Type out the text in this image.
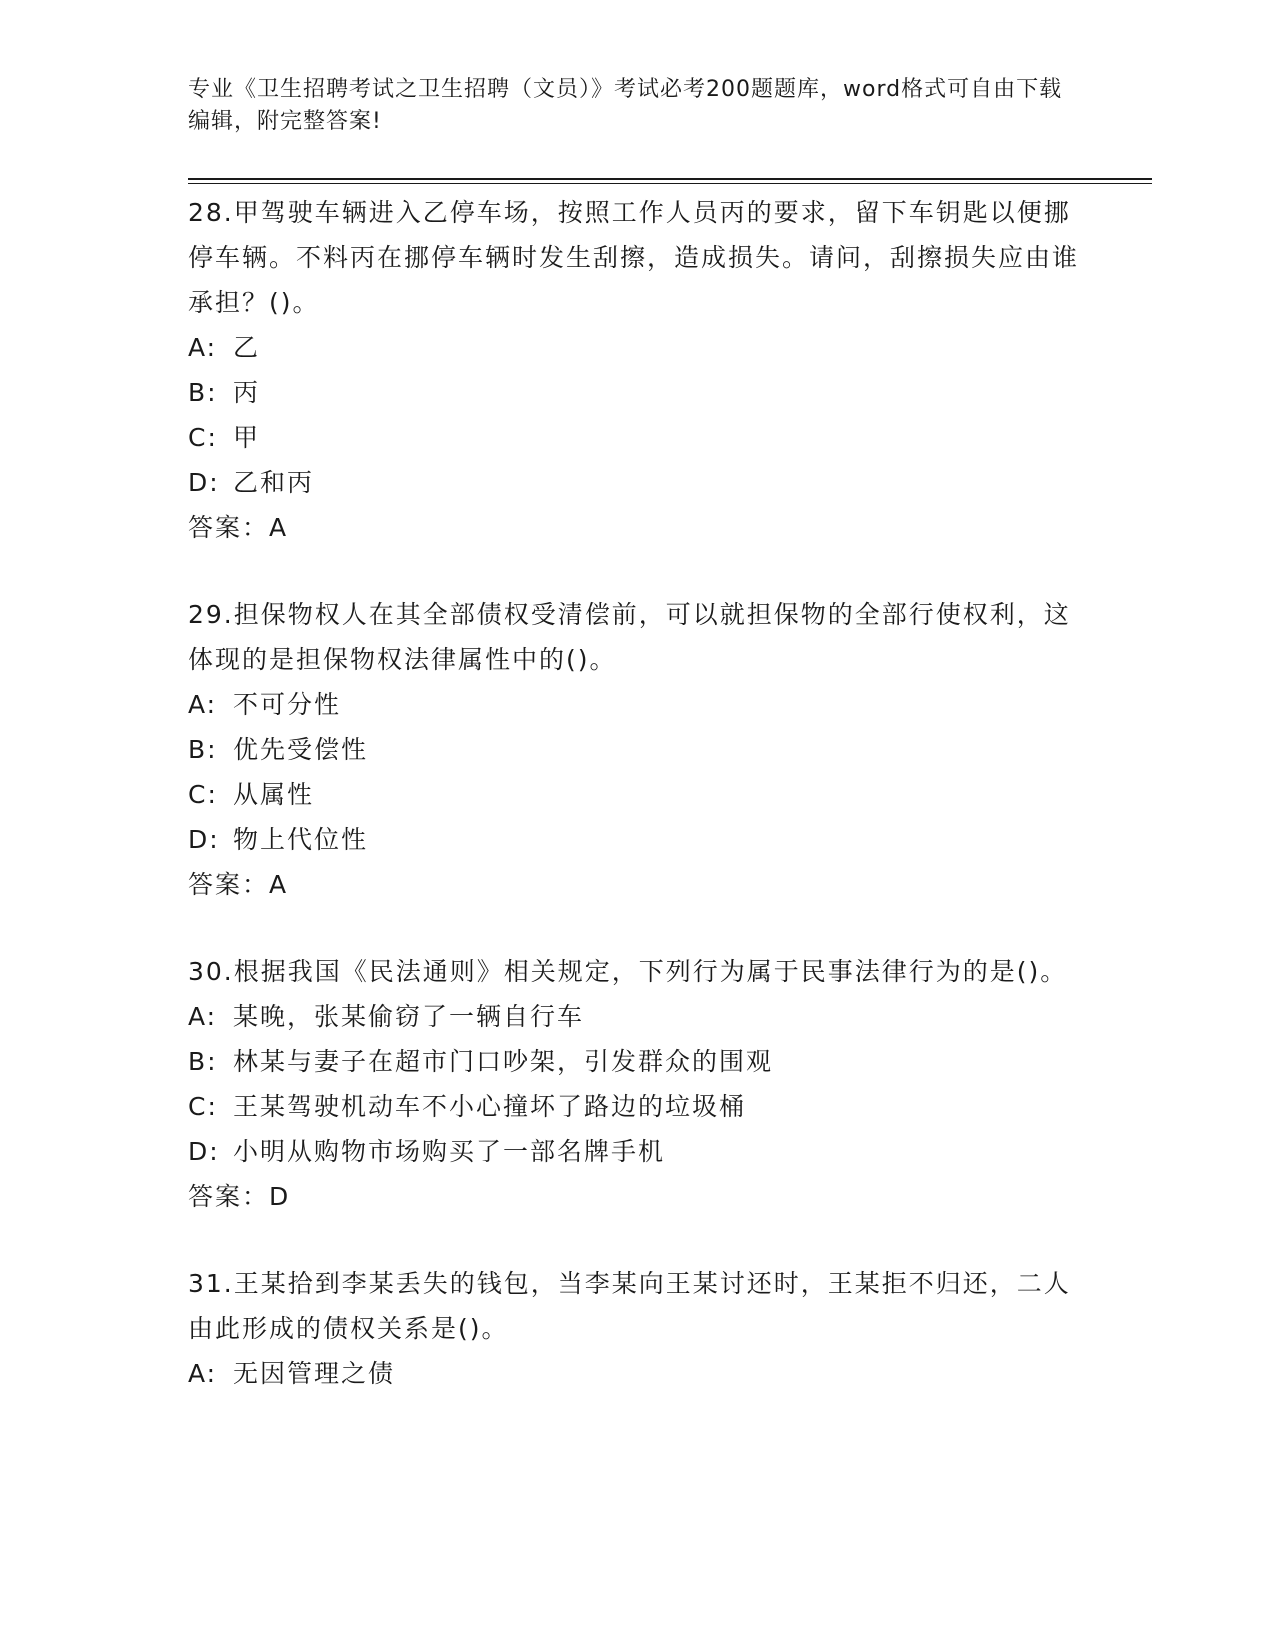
专业《卫生招聘考试之卫生招聘（文员）》考试必考200题题库，word格式可自由下载编辑，附完整答案!

28.甲驾驶车辆进入乙停车场，按照工作人员丙的要求，留下车钥匙以便挪停车辆。不料丙在挪停车辆时发生刮擦，造成损失。请问，刮擦损失应由谁承担？()。

A: 乙

B: 丙

C: 甲

D: 乙和丙

答案：A

29.担保物权人在其全部债权受清偿前，可以就担保物的全部行使权利，这体现的是担保物权法律属性中的()。

A: 不可分性

B: 优先受偿性

C: 从属性

D: 物上代位性

答案：A

30.根据我国《民法通则》相关规定，下列行为属于民事法律行为的是()。

A: 某晚，张某偷窃了一辆自行车

B: 林某与妻子在超市门口吵架，引发群众的围观

C: 王某驾驶机动车不小心撞坏了路边的垃圾桶

D: 小明从购物市场购买了一部名牌手机

答案：D

31.王某拾到李某丢失的钱包，当李某向王某讨还时，王某拒不归还，二人由此形成的债权关系是()。

A: 无因管理之债
